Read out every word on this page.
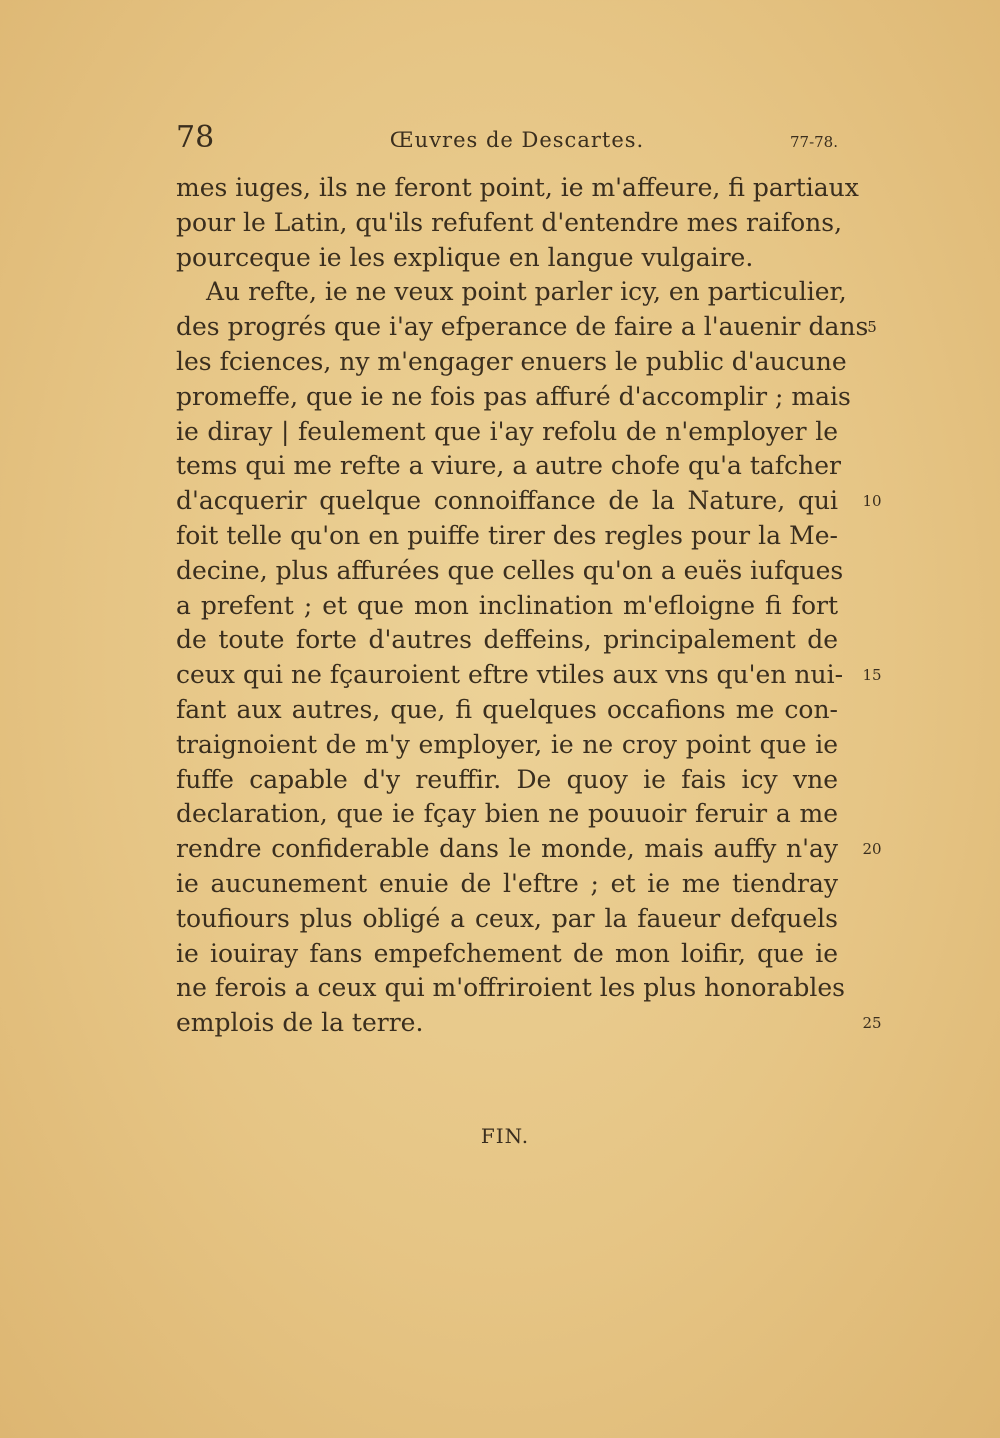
78	Œuvres de Descartes.	77-78.
mes iuges, ils ne feront point, ie m'affeure, fi partiaux
pour le Latin, qu'ils refufent d'entendre mes raifons,
pourceque ie les explique en langue vulgaire.
Au refte, ie ne veux point parler icy, en particulier,
des progrés que i'ay efperance de faire a l'auenir dans
les fciences, ny m'engager enuers le public d'aucune
promeffe, que ie ne fois pas affuré d'accomplir ; mais
ie diray | feulement que i'ay refolu de n'employer le
tems qui me refte a viure, a autre chofe qu'a tafcher
d'acquerir quelque connoiffance de la Nature, qui
foit telle qu'on en puiffe tirer des regles pour la Me-
decine, plus affurées que celles qu'on a euës iufques
a prefent ; et que mon inclination m'efloigne fi fort
de toute forte d'autres deffeins, principalement de
ceux qui ne fçauroient eftre vtiles aux vns qu'en nui-
fant aux autres, que, fi quelques occafions me con-
traignoient de m'y employer, ie ne croy point que ie
fuffe capable d'y reuffir. De quoy ie fais icy vne
declaration, que ie fçay bien ne pouuoir feruir a me
rendre confiderable dans le monde, mais auffy n'ay
ie aucunement enuie de l'eftre ; et ie me tiendray
toufiours plus obligé a ceux, par la faueur defquels
ie iouiray fans empefchement de mon loifir, que ie
ne ferois a ceux qui m'offriroient les plus honorables
emplois de la terre.
5
10
15
20
25
FIN.
